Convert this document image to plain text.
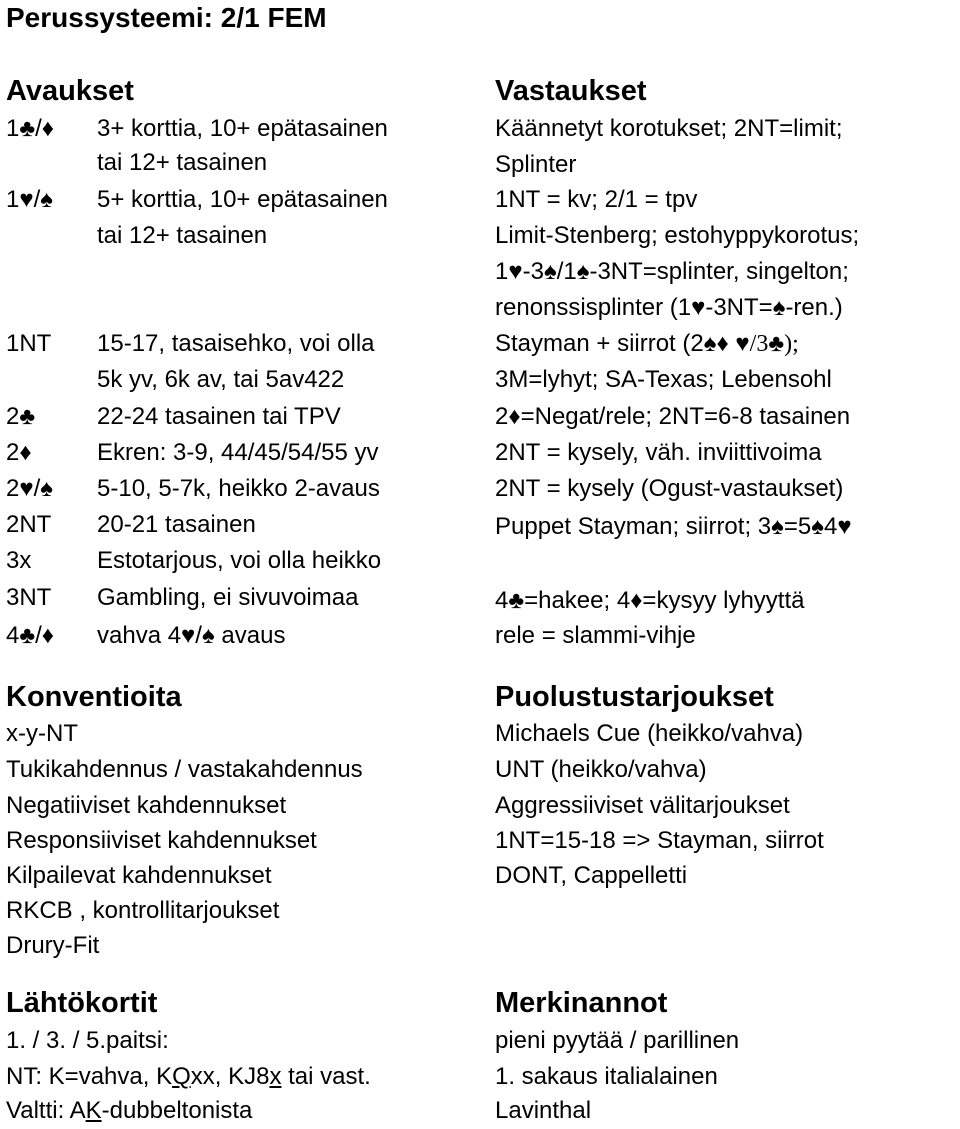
Perussysteemi: 2/1 FEM
Avaukset
1♣/♦ 3+ korttia, 10+ epätasainen
tai 12+ tasainen
1♥/♠ 5+ korttia, 10+ epätasainen
tai 12+ tasainen
1NT 15-17, tasaisehko, voi olla
5k yv, 6k av, tai 5av422
2♣	22-24 tasainen tai TPV
2♦	Ekren: 3-9, 44/45/54/55 yv
2♥/♠ 5-10, 5-7k, heikko 2-avaus
2NT 20-21 tasainen
3x	Estotarjous, voi olla heikko
3NT Gambling, ei sivuvoimaa
4♣/♦ vahva 4♥/♠ avaus
Konventioita
x-y-NT
Tukikahdennus / vastakahdennus
Negatiiviset kahdennukset
Responsiiviset kahdennukset
Kilpailevat kahdennukset
RKCB , kontrollitarjoukset
Drury-Fit
Lähtökortit
1. / 3. / 5.paitsi:
NT: K=vahva, KQxx, KJ8x tai vast.
Valtti: AK-dubbeltonista
Vastaukset
Käännetyt korotukset; 2NT=limit;
Splinter
1NT = kv; 2/1 = tpv
Limit-Stenberg; estohyppykorotus;
1♥-3♠/1♠-3NT=splinter, singelton;
renonssisplinter (1♥-3NT=♠-ren.)
Stayman + siirrot (2♠♦ ♥/3♣);
3M=lyhyt; SA-Texas; Lebensohl
2♦=Negat/rele; 2NT=6-8 tasainen
2NT = kysely, väh. inviittivoima
2NT = kysely (Ogust-vastaukset)
Puppet Stayman; siirrot; 3♠=5♠4♥
4♣=hakee; 4♦=kysyy lyhyyttä
rele = slammi-vihje
Puolustustarjoukset
Michaels Cue (heikko/vahva)
UNT (heikko/vahva)
Aggressiiviset välitarjoukset
1NT=15-18 => Stayman, siirrot
DONT, Cappelletti
Merkinannot
pieni pyytää / parillinen
1. sakaus italialainen
Lavinthal
